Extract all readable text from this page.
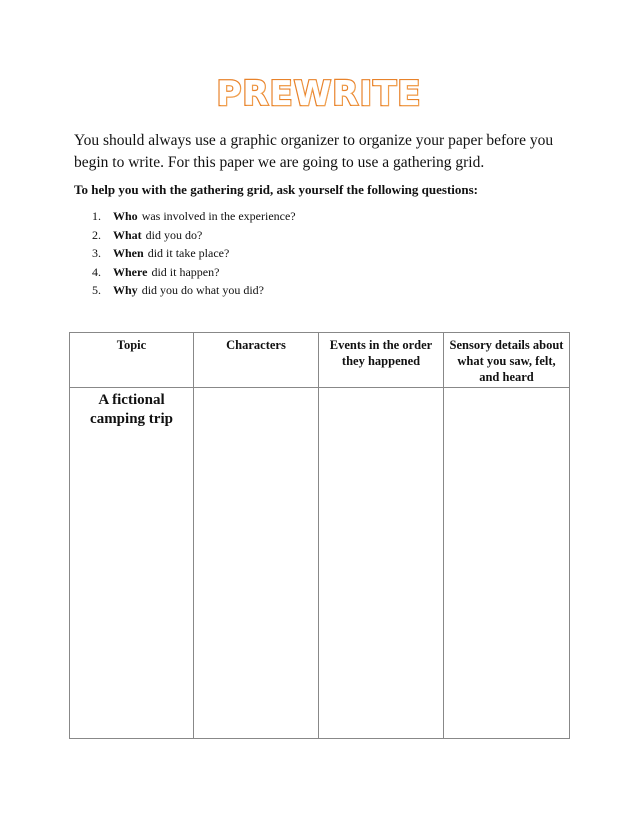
PREWRITE
You should always use a graphic organizer to organize your paper before you begin to write. For this paper we are going to use a gathering grid.
To help you with the gathering grid, ask yourself the following questions:
1.	Who was involved in the experience?
2.	What did you do?
3.	When did it take place?
4.	Where did it happen?
5.	Why did you do what you did?
Topic	Characters	Events in the order they happened	Sensory details about what you saw, felt, and heard
A fictional camping trip			
